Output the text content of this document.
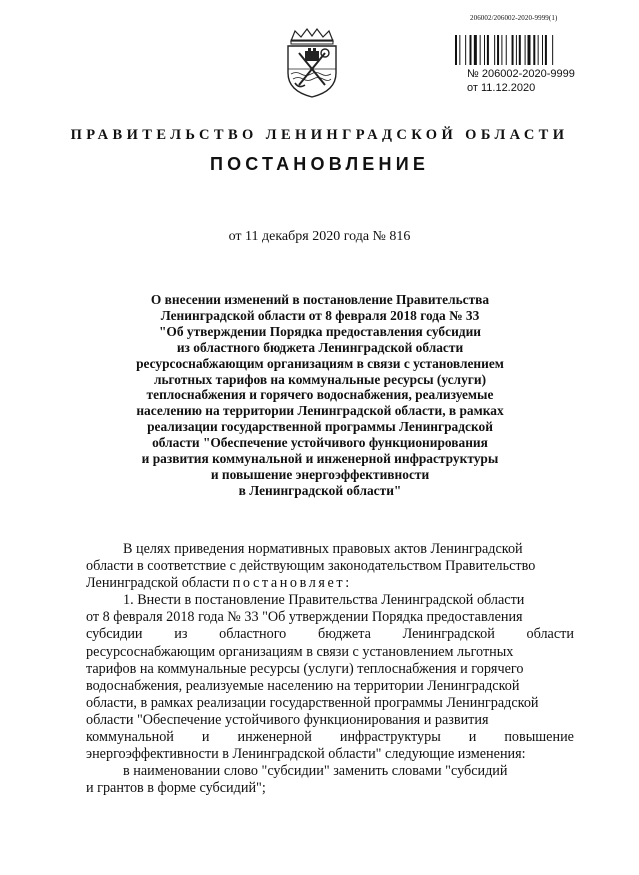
206002/206002-2020-9999(1)
№ 206002-2020-9999
от 11.12.2020
ПРАВИТЕЛЬСТВО ЛЕНИНГРАДСКОЙ ОБЛАСТИ
ПОСТАНОВЛЕНИЕ
от 11 декабря 2020 года № 816
О внесении изменений в постановление Правительства
Ленинградской области от 8 февраля 2018 года № 33
"Об утверждении Порядка предоставления субсидии
из областного бюджета Ленинградской области
ресурсоснабжающим организациям в связи с установлением
льготных тарифов на коммунальные ресурсы (услуги)
теплоснабжения и горячего водоснабжения, реализуемые
населению на территории Ленинградской области, в рамках
реализации государственной программы Ленинградской
области "Обеспечение устойчивого функционирования
и развития коммунальной и инженерной инфраструктуры
и повышение энергоэффективности
в Ленинградской области"
В целях приведения нормативных правовых актов Ленинградской
области в соответствие с действующим законодательством Правительство
Ленинградской области
постановляет:
1. Внести в постановление Правительства Ленинградской области
от 8 февраля 2018 года № 33 "Об утверждении Порядка предоставления
субсидии из областного бюджета Ленинградской области
ресурсоснабжающим организациям в связи с установлением льготных
тарифов на коммунальные ресурсы (услуги) теплоснабжения и горячего
водоснабжения, реализуемые населению на территории Ленинградской
области, в рамках реализации государственной программы Ленинградской
области "Обеспечение устойчивого функционирования и развития
коммунальной и инженерной инфраструктуры и повышение
энергоэффективности в Ленинградской области" следующие изменения:
в наименовании слово "субсидии" заменить словами "субсидий
и грантов в форме субсидий";
